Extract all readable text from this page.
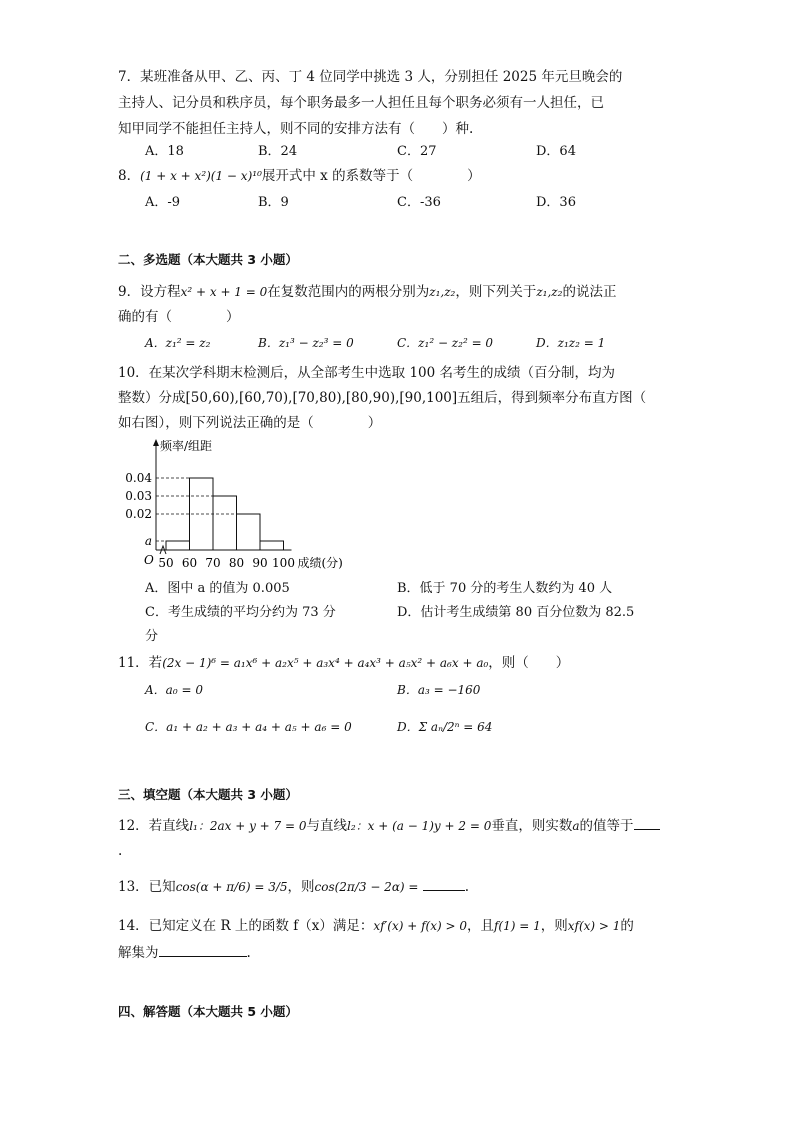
7．某班准备从甲、乙、丙、丁 4 位同学中挑选 3 人，分别担任 2025 年元旦晚会的
主持人、记分员和秩序员，每个职务最多一人担任且每个职务必须有一人担任，已
知甲同学不能担任主持人，则不同的安排方法有（　　）种.
A．18	B．24	C．27	D．64
8．(1 + x + x²)(1 − x)¹⁰展开式中 x 的系数等于（　　　　）
A．-9	B．9	C．-36	D．36
二、多选题（本大题共 3 小题）
9．设方程x² + x + 1 = 0在复数范围内的两根分别为z₁,z₂，则下列关于z₁,z₂的说法正
确的有（　　　　）
A．z₁² = z₂	B．z₁³ − z₂³ = 0	C．z₁² − z₂² = 0	D．z₁z₂ = 1
10．在某次学科期末检测后，从全部考生中选取 100 名考生的成绩（百分制，均为
整数）分成[50,60),[60,70),[70,80),[80,90),[90,100]五组后，得到频率分布直方图（
如右图），则下列说法正确的是（　　　　）
0.04
0.03
0.02
a
50 60 70 80 90 100
频率/组距
成绩(分)
O
A．图中 a 的值为 0.005	B．低于 70 分的考生人数约为 40 人
C．考生成绩的平均分约为 73 分	D．估计考生成绩第 80 百分位数为 82.5
分
11．若(2x − 1)⁶ = a₁x⁶ + a₂x⁵ + a₃x⁴ + a₄x³ + a₅x² + a₆x + a₀，则（　　）
A．a₀ = 0	B．a₃ = −160
C．a₁ + a₂ + a₃ + a₄ + a₅ + a₆ = 0	D．Σ aₙ/2ⁿ = 64
三、填空题（本大题共 3 小题）
12．若直线l₁：2ax + y + 7 = 0与直线l₂：x + (a − 1)y + 2 = 0垂直，则实数a的值等于
.
13．已知cos(α + π/6) = 3/5，则cos(2π/3 − 2α) =	.
14．已知定义在 R 上的函数 f（x）满足：xf′(x) + f(x) > 0，且f(1) = 1，则xf(x) > 1的
解集为	.
四、解答题（本大题共 5 小题）
